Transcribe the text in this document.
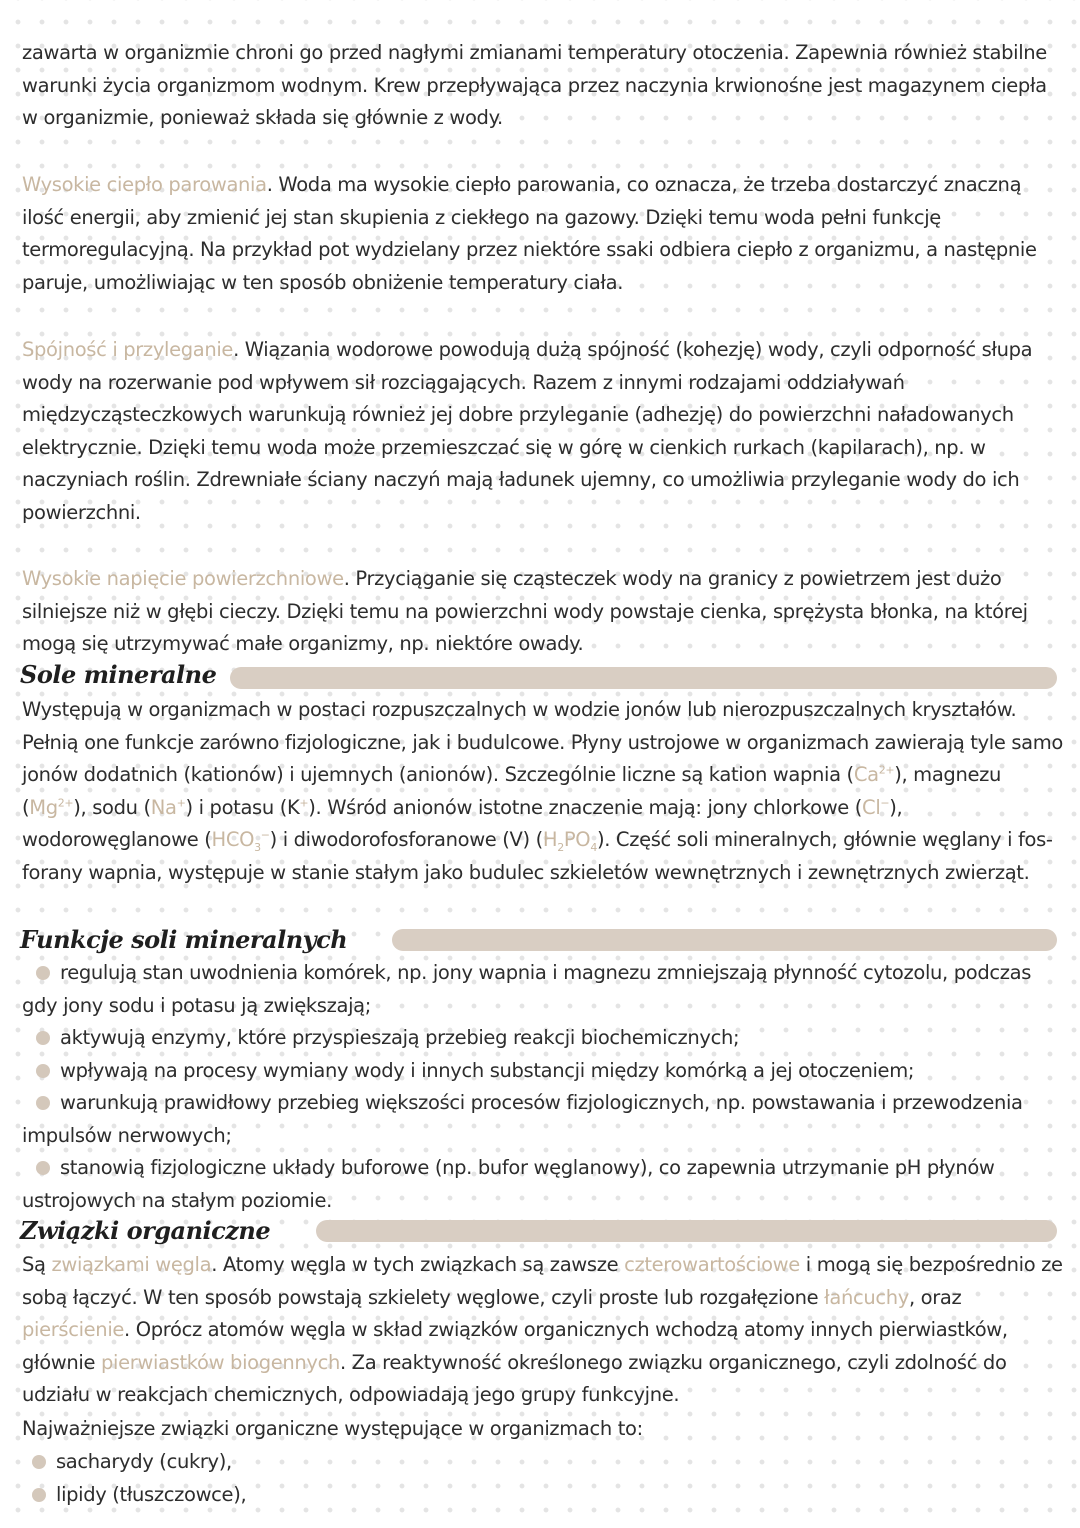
zawarta w organizmie chroni go przed nagłymi zmianami temperatury otoczenia. Zapewnia również stabilne warunki życia organizmom wodnym. Krew przepływająca przez naczynia krwionośne jest magazynem ciepła w organizmie, ponieważ składa się głównie z wody.

Wysokie ciepło parowania. Woda ma wysokie ciepło parowania, co oznacza, że trzeba dostarczyć znaczną ilość energii, aby zmienić jej stan skupienia z ciekłego na gazowy. Dzięki temu woda pełni funkcję termoregulacyjną. Na przykład pot wydzielany przez niektóre ssaki odbiera ciepło z organizmu, a następnie paruje, umożliwiając w ten sposób obniżenie temperatury ciała.

Spójność i przyleganie. Wiązania wodorowe powodują dużą spójność (kohezję) wody, czyli odporność słupa wody na rozerwanie pod wpływem sił rozciągających. Razem z innymi rodzajami oddziaływań międzycząsteczkowych warunkują również jej dobre przyleganie (adhezję) do powierzchni naładowanych elektrycznie. Dzięki temu woda może przemieszczać się w górę w cienkich rurkach (kapilarach), np. w naczyniach roślin. Zdrewniałe ściany naczyń mają ładunek ujemny, co umożliwia przyleganie wody do ich powierzchni.

Wysokie napięcie powierzchniowe. Przyciąganie się cząsteczek wody na granicy z powietrzem jest dużo silniejsze niż w głębi cieczy. Dzięki temu na powierzchni wody powstaje cienka, sprężysta błonka, na której mogą się utrzymywać małe organizmy, np. niektóre owady.

Sole mineralne

Występują w organizmach w postaci rozpuszczalnych w wodzie jonów lub nierozpuszczalnych kryształów. Pełnią one funkcje zarówno fizjologiczne, jak i budulcowe. Płyny ustrojowe w organizmach zawierają tyle samo jonów dodatnich (kationów) i ujemnych (anionów). Szczególnie liczne są kation wapnia $(Ca^{2+})$, magnezu $(Mg^{2+})$, sodu (Na+) i potasu (K+). Wśród anionów istotne znaczenie mają: jony chlorkowe (Cl−), wodorowęglanowe $(HCO_3^-)$ i diwodorofosforanowe (V) $(H_2PO_4)$. Część soli mineralnych, głównie węglany i fos-forany wapnia, występuje w stanie stałym jako budulec szkieletów wewnętrznych i zewnętrznych zwierząt.

Funkcje soli mineralnych
regulują stan uwodnienia komórek, np. jony wapnia i magnezu zmniejszają płynność cytozolu, podczas gdy jony sodu i potasu ją zwiększają;
aktywują enzymy, które przyspieszają przebieg reakcji biochemicznych;
wpływają na procesy wymiany wody i innych substancji między komórką a jej otoczeniem;
warunkują prawidłowy przebieg większości procesów fizjologicznych, np. powstawania i przewodzenia impulsów nerwowych;
stanowią fizjologiczne układy buforowe (np. bufor węglanowy), co zapewnia utrzymanie pH płynów ustrojowych na stałym poziomie.
Związki organiczne

Są związkami węgla. Atomy węgla w tych związkach są zawsze czterowartościowe i mogą się bezpośrednio ze sobą łączyć. W ten sposób powstają szkielety węglowe, czyli proste lub rozgałęzione łańcuchy, oraz pierścienie. Oprócz atomów węgla w skład związków organicznych wchodzą atomy innych pierwiastków, głównie pierwiastków biogennych. Za reaktywność określonego związku organicznego, czyli zdolność do udziału w reakcjach chemicznych, odpowiadają jego grupy funkcyjne.

Najważniejsze związki organiczne występujące w organizmach to:

sacharydy (cukry),
lipidy (tłuszczowce),
